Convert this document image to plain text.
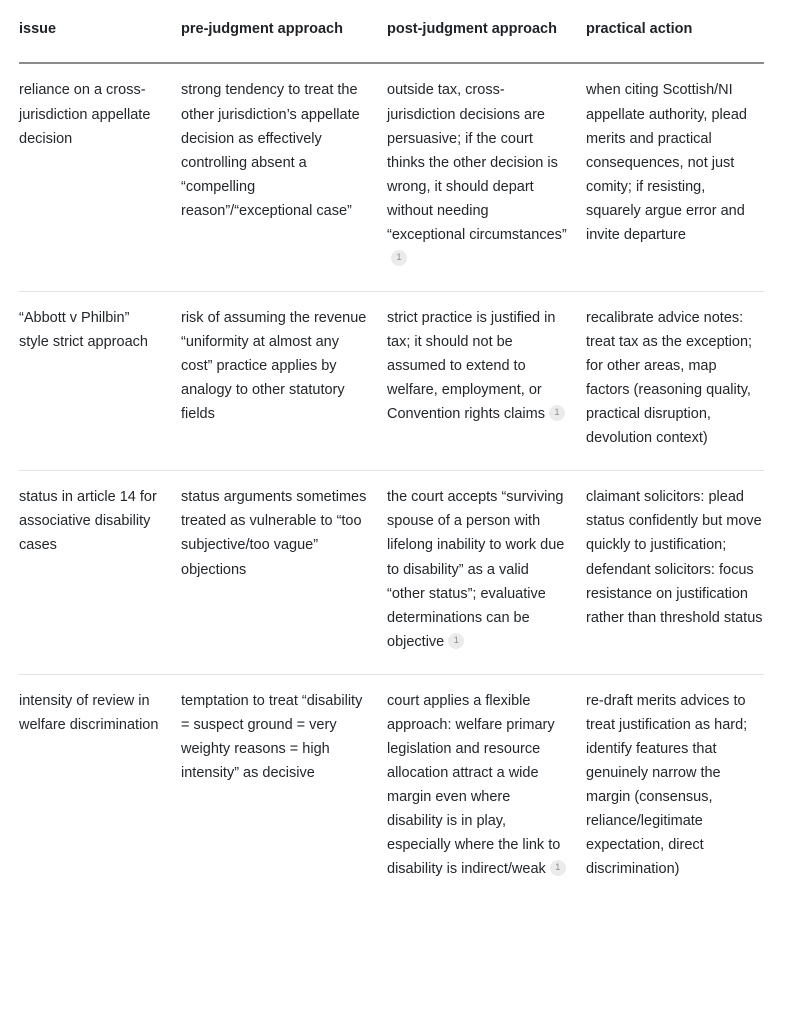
issue	pre-judgment approach	post-judgment approach	practical action
reliance on a cross-jurisdiction appellate decision	strong tendency to treat the other jurisdiction’s appellate decision as effectively controlling absent a “compelling reason”/“exceptional case”	outside tax, cross-jurisdiction decisions are persuasive; if the court thinks the other decision is wrong, it should depart without needing “exceptional circumstances”1	when citing Scottish/NI appellate authority, plead merits and practical consequences, not just comity; if resisting, squarely argue error and invite departure
“Abbott v Philbin” style strict approach	risk of assuming the revenue “uniformity at almost any cost” practice applies by analogy to other statutory fields	strict practice is justified in tax; it should not be assumed to extend to welfare, employment, or Convention rights claims 1	recalibrate advice notes: treat tax as the exception; for other areas, map factors (reasoning quality, practical disruption, devolution context)
status in article 14 for associative disability cases	status arguments sometimes treated as vulnerable to “too subjective/too vague” objections	the court accepts “surviving spouse of a person with lifelong inability to work due to disability” as a valid “other status”; evaluative determinations can be objective 1	claimant solicitors: plead status confidently but move quickly to justification; defendant solicitors: focus resistance on justification rather than threshold status
intensity of review in welfare discrimination	temptation to treat “disability = suspect ground = very weighty reasons = high intensity” as decisive	court applies a flexible approach: welfare primary legislation and resource allocation attract a wide margin even where disability is in play, especially where the link to disability is indirect/weak 1	re-draft merits advices to treat justification as hard; identify features that genuinely narrow the margin (consensus, reliance/legitimate expectation, direct discrimination)
